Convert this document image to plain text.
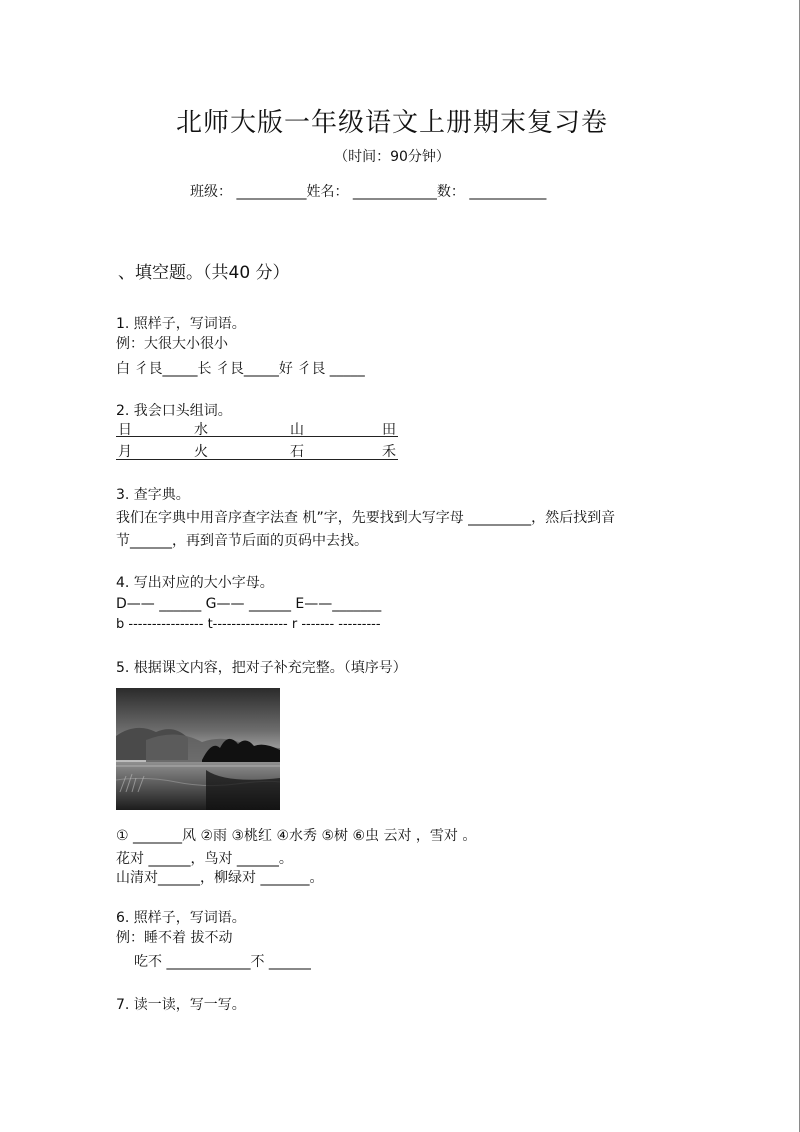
北师大版一年级语文上册期末复习卷
（时间：90分钟）
班级： __________姓名： ____________数： ___________
、填空题。（共40 分）
1. 照样子，写词语。
例：大很大小很小
白 彳艮_____长 彳艮_____好 彳艮 _____
2. 我会口头组词。
日	水	山	田
月	火	石	禾
3. 查字典。
我们在字典中用音序查字法查 机”字，先要找到大写字母 _________，然后找到音
节______，再到音节后面的页码中去找。
4. 写出对应的大小字母。
D—— ______ G—— ______ E——_______
b ---------------- t---------------- r ------- ---------
5. 根据课文内容，把对子补充完整。（填序号）
① _______风 ②雨 ③桃红 ④水秀 ⑤树 ⑥虫 云对 ，雪对 。
花对 ______，鸟对 ______。
山清对______，柳绿对 _______。
6. 照样子，写词语。
例：睡不着 拔不动
吃不 ____________不 ______
7. 读一读，写一写。
